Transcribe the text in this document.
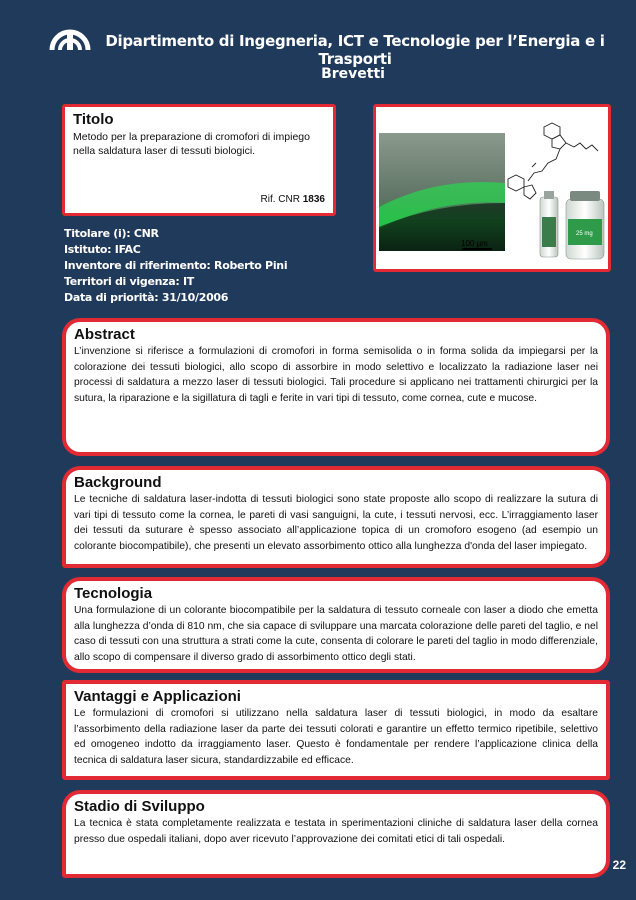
Dipartimento di Ingegneria, ICT e Tecnologie per l’Energia e i Trasporti
Brevetti
Titolo

Metodo per la preparazione di cromofori di impiego nella saldatura laser di tessuti biologici.

Rif. CNR 1836
100 µm
25 mg
Titolare (i): CNR
Istituto: IFAC
Inventore di riferimento: Roberto Pini
Territori di vigenza: IT
Data di priorità: 31/10/2006
Abstract

L’invenzione si riferisce a formulazioni di cromofori in forma semisolida o in forma solida da impiegarsi per la colorazione dei tessuti biologici, allo scopo di assorbire in modo selettivo e localizzato la radiazione laser nei processi di saldatura a mezzo laser di tessuti biologici. Tali procedure si applicano nei trattamenti chirurgici per la sutura, la riparazione e la sigillatura di tagli e ferite in vari tipi di tessuto, come cornea, cute e mucose.

Background

Le tecniche di saldatura laser-indotta di tessuti biologici sono state proposte allo scopo di realizzare la sutura di vari tipi di tessuto come la cornea, le pareti di vasi sanguigni, la cute, i tessuti nervosi, ecc. L’irraggiamento laser dei tessuti da suturare è spesso associato all’applicazione topica di un cromoforo esogeno (ad esempio un colorante biocompatibile), che presenti un elevato assorbimento ottico alla lunghezza d'onda del laser impiegato.

Tecnologia

Una formulazione di un colorante biocompatibile per la saldatura di tessuto corneale con laser a diodo che emetta alla lunghezza d’onda di 810 nm, che sia capace di sviluppare una marcata colorazione delle pareti del taglio, e nel caso di tessuti con una struttura a strati come la cute, consenta di colorare le pareti del taglio in modo differenziale, allo scopo di compensare il diverso grado di assorbimento ottico degli stati.

Vantaggi e Applicazioni

Le formulazioni di cromofori si utilizzano nella saldatura laser di tessuti biologici, in modo da esaltare l’assorbimento della radiazione laser da parte dei tessuti colorati e garantire un effetto termico ripetibile, selettivo ed omogeneo indotto da irraggiamento laser. Questo è fondamentale per rendere l’applicazione clinica della tecnica di saldatura laser sicura, standardizzabile ed efficace.

Stadio di Sviluppo

La tecnica è stata completamente realizzata e testata in sperimentazioni cliniche di saldatura laser della cornea presso due ospedali italiani, dopo aver ricevuto l’approvazione dei comitati etici di tali ospedali.

22
